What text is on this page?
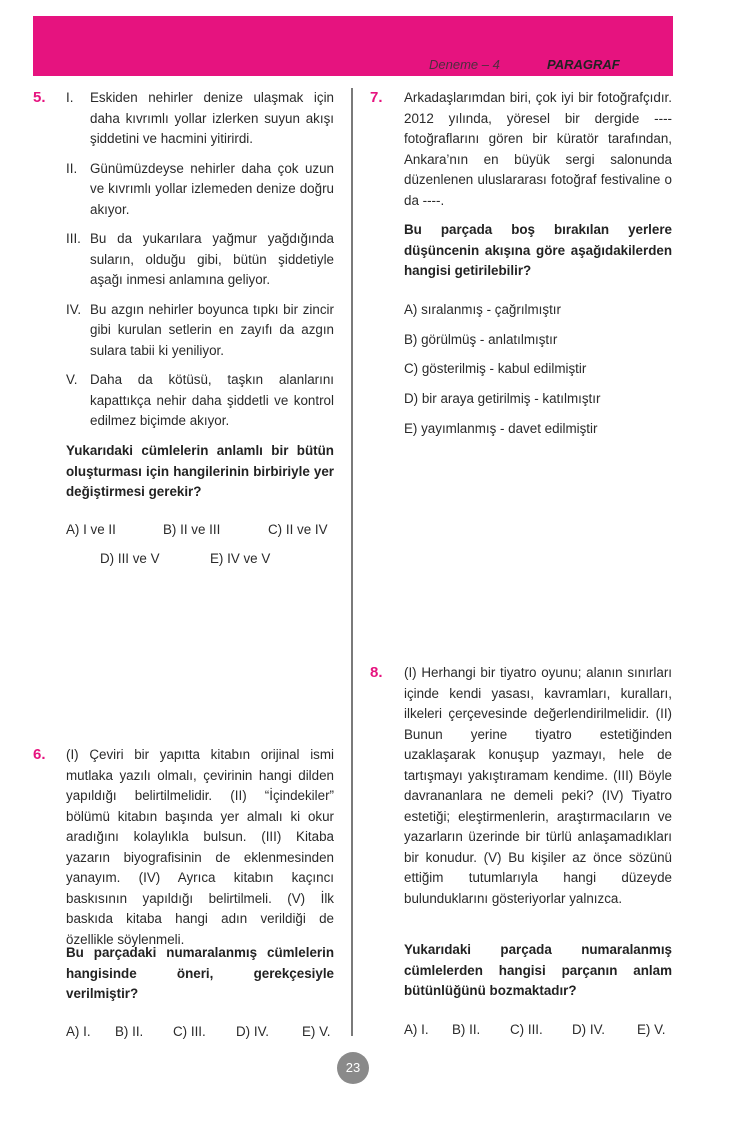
Deneme – 4	PARAGRAF
5. I. Eskiden nehirler denize ulaşmak için daha kıvrımlı yollar izlerken suyun akışı şiddetini ve hacmini yitirirdi.
II. Günümüzdeyse nehirler daha çok uzun ve kıvrımlı yollar izlemeden denize doğru akıyor.
III. Bu da yukarılara yağmur yağdığında suların, olduğu gibi, bütün şiddetiyle aşağı inmesi anlamına geliyor.
IV. Bu azgın nehirler boyunca tıpkı bir zincir gibi kurulan setlerin en zayıfı da azgın sulara tabii ki yeniliyor.
V. Daha da kötüsü, taşkın alanlarını kapattıkça nehir daha şiddetli ve kontrol edilmez biçimde akıyor.
Yukarıdaki cümlelerin anlamlı bir bütün oluşturması için hangilerinin birbiriyle yer değiştirmesi gerekir?
A) I ve II	B) II ve III	C) II ve IV
D) III ve V	E) IV ve V
6. (I) Çeviri bir yapıtta kitabın orijinal ismi mutlaka yazılı olmalı, çevirinin hangi dilden yapıldığı belirtilmelidir. (II) “İçindekiler” bölümü kitabın başında yer almalı ki okur aradığını kolaylıkla bulsun. (III) Kitaba yazarın biyografisinin de eklenmesinden yanayım. (IV) Ayrıca kitabın kaçıncı baskısının yapıldığı belirtilmeli. (V) İlk baskıda kitaba hangi adın verildiği de özellikle söylenmeli.
Bu parçadaki numaralanmış cümlelerin hangisinde öneri, gerekçesiyle verilmiştir?
A) I. B) II. C) III. D) IV. E) V.
7. Arkadaşlarımdan biri, çok iyi bir fotoğrafçıdır. 2012 yılında, yöresel bir dergide ---- fotoğraflarını gören bir küratör tarafından, Ankara’nın en büyük sergi salonunda düzenlenen uluslararası fotoğraf festivaline o da ----.
Bu parçada boş bırakılan yerlere düşüncenin akışına göre aşağıdakilerden hangisi getirilebilir?
A) sıralanmış - çağrılmıştır
B) görülmüş - anlatılmıştır
C) gösterilmiş - kabul edilmiştir
D) bir araya getirilmiş - katılmıştır
E) yayımlanmış - davet edilmiştir
8. (I) Herhangi bir tiyatro oyunu; alanın sınırları içinde kendi yasası, kavramları, kuralları, ilkeleri çerçevesinde değerlendirilmelidir. (II) Bunun yerine tiyatro estetiğinden uzaklaşarak konuşup yazmayı, hele de tartışmayı yakıştıramam kendime. (III) Böyle davrananlara ne demeli peki? (IV) Tiyatro estetiği; eleştirmenlerin, araştırmacıların ve yazarların üzerinde bir türlü anlaşamadıkları bir konudur. (V) Bu kişiler az önce sözünü ettiğim tutumlarıyla hangi düzeyde bulunduklarını gösteriyorlar yalnızca.
Yukarıdaki parçada numaralanmış cümlelerden hangisi parçanın anlam bütünlüğünü bozmaktadır?
A) I. B) II. C) III. D) IV. E) V.
23
